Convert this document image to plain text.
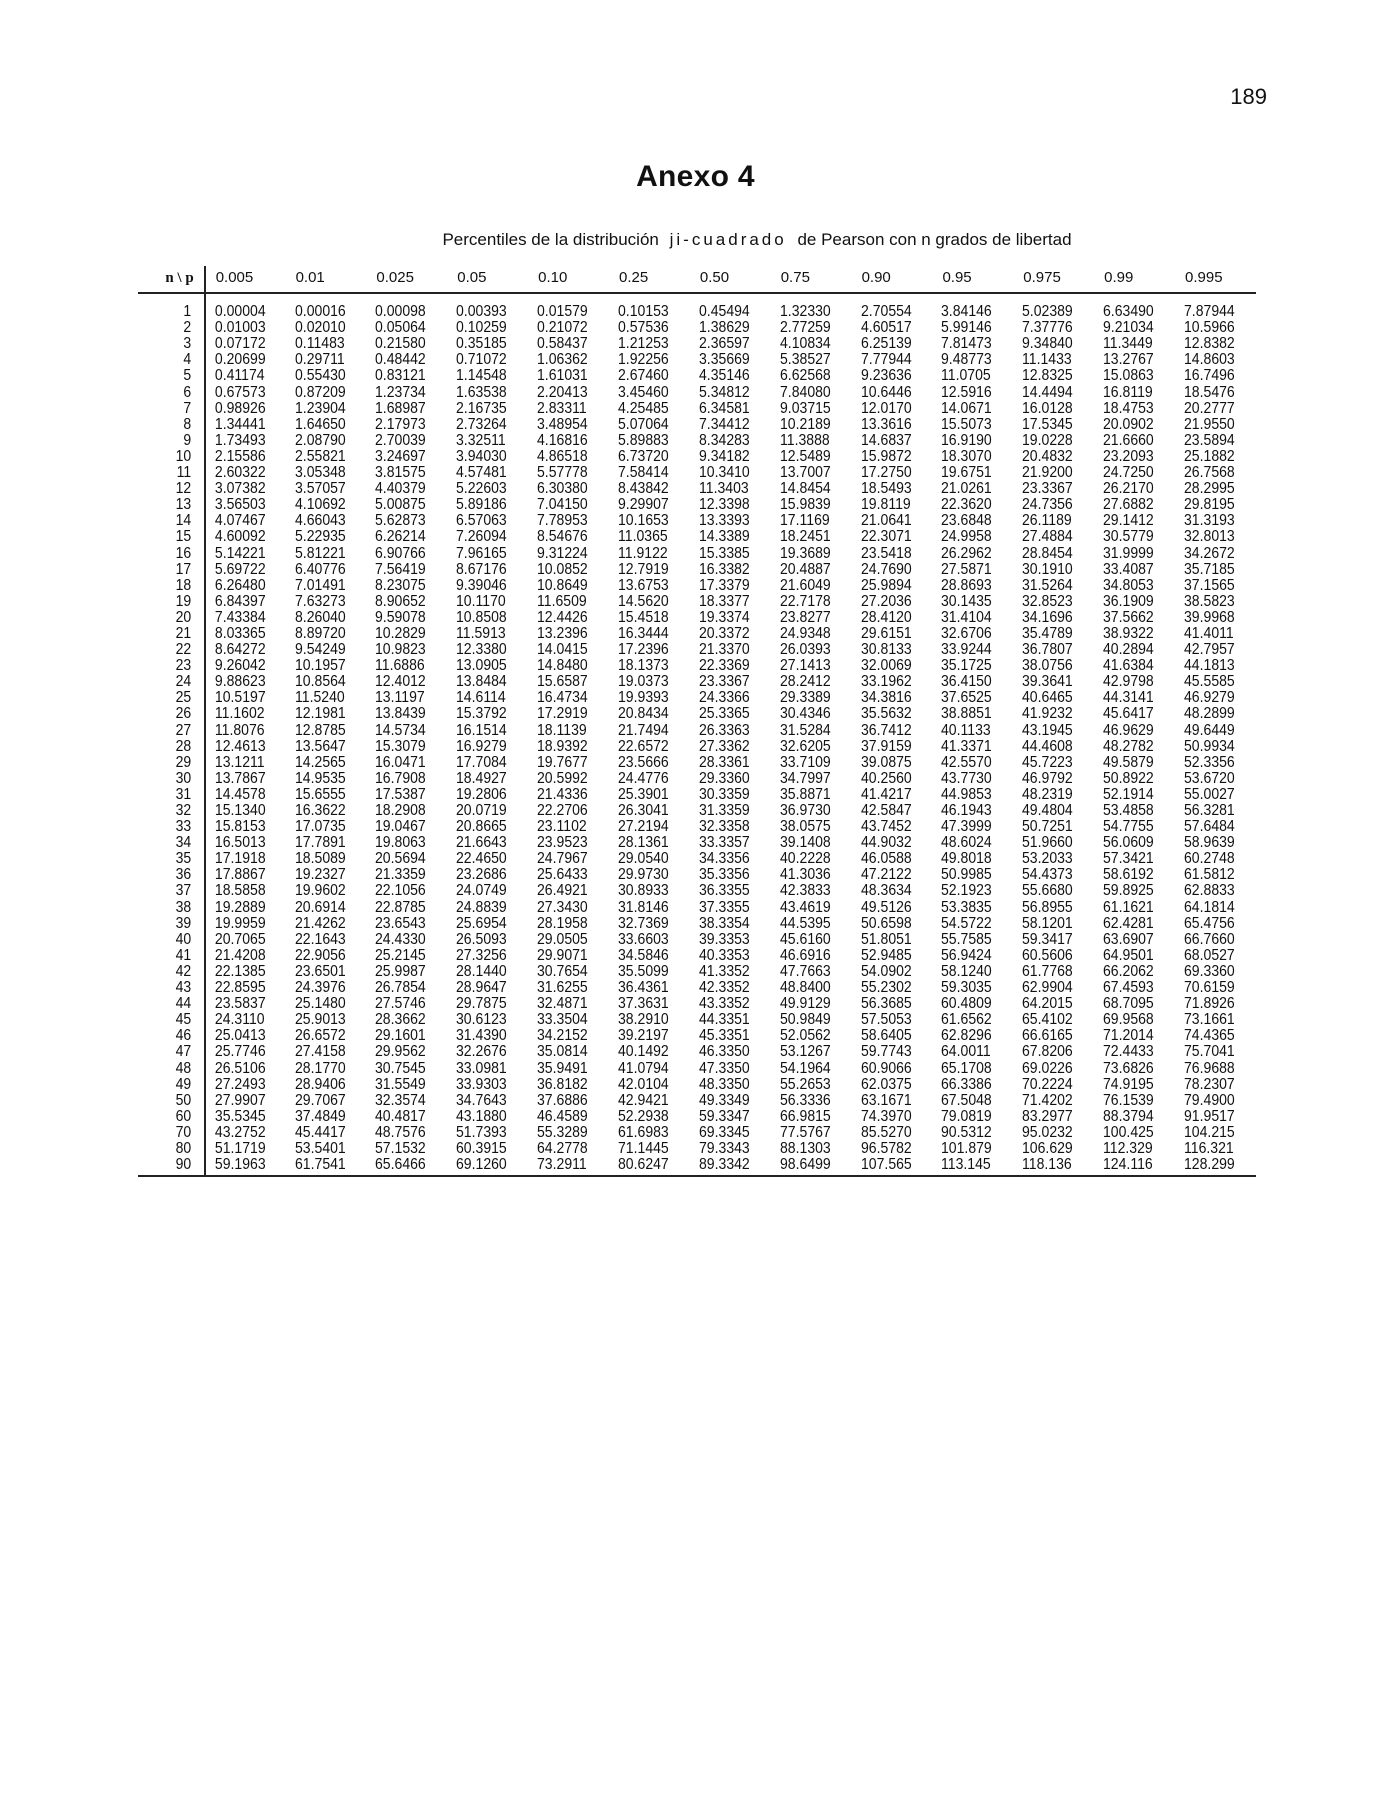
189
Anexo 4
Percentiles de la distribución ji-cuadrado de Pearson con n grados de libertad
n \ p	0.005	0.01	0.025	0.05	0.10	0.25	0.50	0.75	0.90	0.95	0.975	0.99	0.995
1	0.00004	0.00016	0.00098	0.00393	0.01579	0.10153	0.45494	1.32330	2.70554	3.84146	5.02389	6.63490	7.87944
2	0.01003	0.02010	0.05064	0.10259	0.21072	0.57536	1.38629	2.77259	4.60517	5.99146	7.37776	9.21034	10.5966
3	0.07172	0.11483	0.21580	0.35185	0.58437	1.21253	2.36597	4.10834	6.25139	7.81473	9.34840	11.3449	12.8382
4	0.20699	0.29711	0.48442	0.71072	1.06362	1.92256	3.35669	5.38527	7.77944	9.48773	11.1433	13.2767	14.8603
5	0.41174	0.55430	0.83121	1.14548	1.61031	2.67460	4.35146	6.62568	9.23636	11.0705	12.8325	15.0863	16.7496
6	0.67573	0.87209	1.23734	1.63538	2.20413	3.45460	5.34812	7.84080	10.6446	12.5916	14.4494	16.8119	18.5476
7	0.98926	1.23904	1.68987	2.16735	2.83311	4.25485	6.34581	9.03715	12.0170	14.0671	16.0128	18.4753	20.2777
8	1.34441	1.64650	2.17973	2.73264	3.48954	5.07064	7.34412	10.2189	13.3616	15.5073	17.5345	20.0902	21.9550
9	1.73493	2.08790	2.70039	3.32511	4.16816	5.89883	8.34283	11.3888	14.6837	16.9190	19.0228	21.6660	23.5894
10	2.15586	2.55821	3.24697	3.94030	4.86518	6.73720	9.34182	12.5489	15.9872	18.3070	20.4832	23.2093	25.1882
11	2.60322	3.05348	3.81575	4.57481	5.57778	7.58414	10.3410	13.7007	17.2750	19.6751	21.9200	24.7250	26.7568
12	3.07382	3.57057	4.40379	5.22603	6.30380	8.43842	11.3403	14.8454	18.5493	21.0261	23.3367	26.2170	28.2995
13	3.56503	4.10692	5.00875	5.89186	7.04150	9.29907	12.3398	15.9839	19.8119	22.3620	24.7356	27.6882	29.8195
14	4.07467	4.66043	5.62873	6.57063	7.78953	10.1653	13.3393	17.1169	21.0641	23.6848	26.1189	29.1412	31.3193
15	4.60092	5.22935	6.26214	7.26094	8.54676	11.0365	14.3389	18.2451	22.3071	24.9958	27.4884	30.5779	32.8013
16	5.14221	5.81221	6.90766	7.96165	9.31224	11.9122	15.3385	19.3689	23.5418	26.2962	28.8454	31.9999	34.2672
17	5.69722	6.40776	7.56419	8.67176	10.0852	12.7919	16.3382	20.4887	24.7690	27.5871	30.1910	33.4087	35.7185
18	6.26480	7.01491	8.23075	9.39046	10.8649	13.6753	17.3379	21.6049	25.9894	28.8693	31.5264	34.8053	37.1565
19	6.84397	7.63273	8.90652	10.1170	11.6509	14.5620	18.3377	22.7178	27.2036	30.1435	32.8523	36.1909	38.5823
20	7.43384	8.26040	9.59078	10.8508	12.4426	15.4518	19.3374	23.8277	28.4120	31.4104	34.1696	37.5662	39.9968
21	8.03365	8.89720	10.2829	11.5913	13.2396	16.3444	20.3372	24.9348	29.6151	32.6706	35.4789	38.9322	41.4011
22	8.64272	9.54249	10.9823	12.3380	14.0415	17.2396	21.3370	26.0393	30.8133	33.9244	36.7807	40.2894	42.7957
23	9.26042	10.1957	11.6886	13.0905	14.8480	18.1373	22.3369	27.1413	32.0069	35.1725	38.0756	41.6384	44.1813
24	9.88623	10.8564	12.4012	13.8484	15.6587	19.0373	23.3367	28.2412	33.1962	36.4150	39.3641	42.9798	45.5585
25	10.5197	11.5240	13.1197	14.6114	16.4734	19.9393	24.3366	29.3389	34.3816	37.6525	40.6465	44.3141	46.9279
26	11.1602	12.1981	13.8439	15.3792	17.2919	20.8434	25.3365	30.4346	35.5632	38.8851	41.9232	45.6417	48.2899
27	11.8076	12.8785	14.5734	16.1514	18.1139	21.7494	26.3363	31.5284	36.7412	40.1133	43.1945	46.9629	49.6449
28	12.4613	13.5647	15.3079	16.9279	18.9392	22.6572	27.3362	32.6205	37.9159	41.3371	44.4608	48.2782	50.9934
29	13.1211	14.2565	16.0471	17.7084	19.7677	23.5666	28.3361	33.7109	39.0875	42.5570	45.7223	49.5879	52.3356
30	13.7867	14.9535	16.7908	18.4927	20.5992	24.4776	29.3360	34.7997	40.2560	43.7730	46.9792	50.8922	53.6720
31	14.4578	15.6555	17.5387	19.2806	21.4336	25.3901	30.3359	35.8871	41.4217	44.9853	48.2319	52.1914	55.0027
32	15.1340	16.3622	18.2908	20.0719	22.2706	26.3041	31.3359	36.9730	42.5847	46.1943	49.4804	53.4858	56.3281
33	15.8153	17.0735	19.0467	20.8665	23.1102	27.2194	32.3358	38.0575	43.7452	47.3999	50.7251	54.7755	57.6484
34	16.5013	17.7891	19.8063	21.6643	23.9523	28.1361	33.3357	39.1408	44.9032	48.6024	51.9660	56.0609	58.9639
35	17.1918	18.5089	20.5694	22.4650	24.7967	29.0540	34.3356	40.2228	46.0588	49.8018	53.2033	57.3421	60.2748
36	17.8867	19.2327	21.3359	23.2686	25.6433	29.9730	35.3356	41.3036	47.2122	50.9985	54.4373	58.6192	61.5812
37	18.5858	19.9602	22.1056	24.0749	26.4921	30.8933	36.3355	42.3833	48.3634	52.1923	55.6680	59.8925	62.8833
38	19.2889	20.6914	22.8785	24.8839	27.3430	31.8146	37.3355	43.4619	49.5126	53.3835	56.8955	61.1621	64.1814
39	19.9959	21.4262	23.6543	25.6954	28.1958	32.7369	38.3354	44.5395	50.6598	54.5722	58.1201	62.4281	65.4756
40	20.7065	22.1643	24.4330	26.5093	29.0505	33.6603	39.3353	45.6160	51.8051	55.7585	59.3417	63.6907	66.7660
41	21.4208	22.9056	25.2145	27.3256	29.9071	34.5846	40.3353	46.6916	52.9485	56.9424	60.5606	64.9501	68.0527
42	22.1385	23.6501	25.9987	28.1440	30.7654	35.5099	41.3352	47.7663	54.0902	58.1240	61.7768	66.2062	69.3360
43	22.8595	24.3976	26.7854	28.9647	31.6255	36.4361	42.3352	48.8400	55.2302	59.3035	62.9904	67.4593	70.6159
44	23.5837	25.1480	27.5746	29.7875	32.4871	37.3631	43.3352	49.9129	56.3685	60.4809	64.2015	68.7095	71.8926
45	24.3110	25.9013	28.3662	30.6123	33.3504	38.2910	44.3351	50.9849	57.5053	61.6562	65.4102	69.9568	73.1661
46	25.0413	26.6572	29.1601	31.4390	34.2152	39.2197	45.3351	52.0562	58.6405	62.8296	66.6165	71.2014	74.4365
47	25.7746	27.4158	29.9562	32.2676	35.0814	40.1492	46.3350	53.1267	59.7743	64.0011	67.8206	72.4433	75.7041
48	26.5106	28.1770	30.7545	33.0981	35.9491	41.0794	47.3350	54.1964	60.9066	65.1708	69.0226	73.6826	76.9688
49	27.2493	28.9406	31.5549	33.9303	36.8182	42.0104	48.3350	55.2653	62.0375	66.3386	70.2224	74.9195	78.2307
50	27.9907	29.7067	32.3574	34.7643	37.6886	42.9421	49.3349	56.3336	63.1671	67.5048	71.4202	76.1539	79.4900
60	35.5345	37.4849	40.4817	43.1880	46.4589	52.2938	59.3347	66.9815	74.3970	79.0819	83.2977	88.3794	91.9517
70	43.2752	45.4417	48.7576	51.7393	55.3289	61.6983	69.3345	77.5767	85.5270	90.5312	95.0232	100.425	104.215
80	51.1719	53.5401	57.1532	60.3915	64.2778	71.1445	79.3343	88.1303	96.5782	101.879	106.629	112.329	116.321
90	59.1963	61.7541	65.6466	69.1260	73.2911	80.6247	89.3342	98.6499	107.565	113.145	118.136	124.116	128.299
